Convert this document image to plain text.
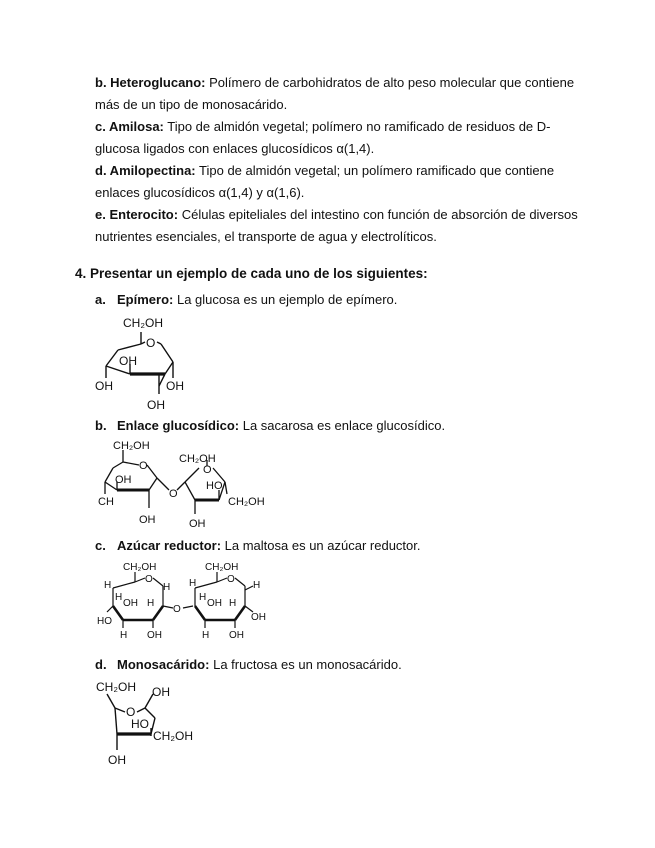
b. Heteroglucano: Polímero de carbohidratos de alto peso molecular que contiene
más de un tipo de monosacárido.

c. Amilosa: Tipo de almidón vegetal; polímero no ramificado de residuos de D-
glucosa ligados con enlaces glucosídicos α(1,4).

d. Amilopectina: Tipo de almidón vegetal; un polímero ramificado que contiene
enlaces glucosídicos α(1,4) y α(1,6).

e. Enterocito: Células epiteliales del intestino con función de absorción de diversos
nutrientes esenciales, el transporte de agua y electrolíticos.

4. Presentar un ejemplo de cada uno de los siguientes:
a. Epímero: La glucosa es un ejemplo de epímero.
CH₂OH
O
OH
OH	OH
OH
b. Enlace glucosídico: La sacarosa es enlace glucosídico.
CH₂OH
O
OH
CH
OH
O
CH₂OH
O
HO
CH₂OH
OH
c. Azúcar reductor: La maltosa es un azúcar reductor.
CH₂OH
O
H
H
OH H
H
HO
H OH
O
CH₂OH
O
H
H
OH H
H
OH
H OH
d. Monosacárido: La fructosa es un monosacárido.
CH₂OH
O
OH
HO
CH₂OH
OH
